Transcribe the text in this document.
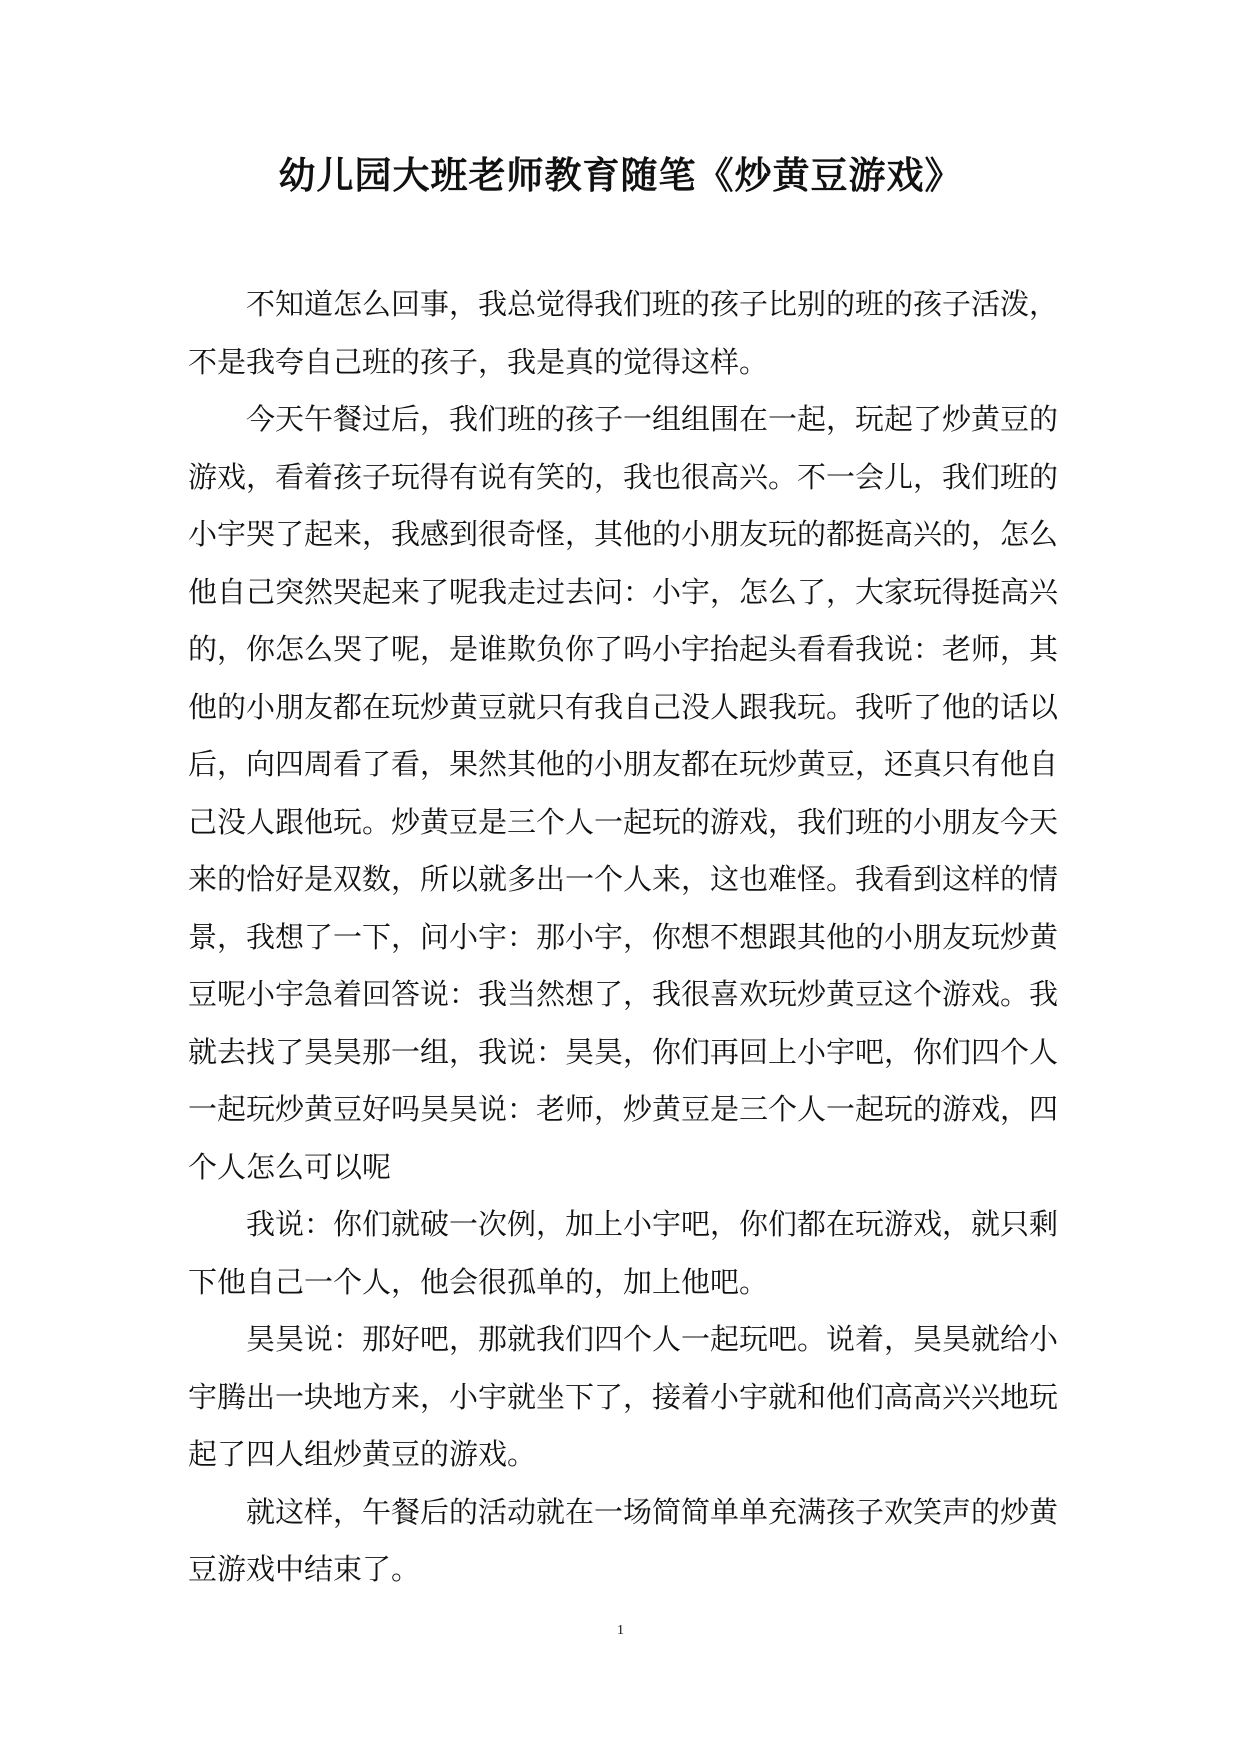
幼儿园大班老师教育随笔《炒黄豆游戏》

不知道怎么回事，我总觉得我们班的孩子比别的班的孩子活泼，不是我夸自己班的孩子，我是真的觉得这样。

今天午餐过后，我们班的孩子一组组围在一起，玩起了炒黄豆的游戏，看着孩子玩得有说有笑的，我也很高兴。不一会儿，我们班的小宇哭了起来，我感到很奇怪，其他的小朋友玩的都挺高兴的，怎么他自己突然哭起来了呢我走过去问：小宇，怎么了，大家玩得挺高兴的，你怎么哭了呢，是谁欺负你了吗小宇抬起头看看我说：老师，其他的小朋友都在玩炒黄豆就只有我自己没人跟我玩。我听了他的话以后，向四周看了看，果然其他的小朋友都在玩炒黄豆，还真只有他自己没人跟他玩。炒黄豆是三个人一起玩的游戏，我们班的小朋友今天来的恰好是双数，所以就多出一个人来，这也难怪。我看到这样的情景，我想了一下，问小宇：那小宇，你想不想跟其他的小朋友玩炒黄豆呢小宇急着回答说：我当然想了，我很喜欢玩炒黄豆这个游戏。我就去找了昊昊那一组，我说：昊昊，你们再回上小宇吧，你们四个人一起玩炒黄豆好吗昊昊说：老师，炒黄豆是三个人一起玩的游戏，四个人怎么可以呢

我说：你们就破一次例，加上小宇吧，你们都在玩游戏，就只剩下他自己一个人，他会很孤单的，加上他吧。

昊昊说：那好吧，那就我们四个人一起玩吧。说着，昊昊就给小宇腾出一块地方来，小宇就坐下了，接着小宇就和他们高高兴兴地玩起了四人组炒黄豆的游戏。

就这样，午餐后的活动就在一场简简单单充满孩子欢笑声的炒黄豆游戏中结束了。

1
